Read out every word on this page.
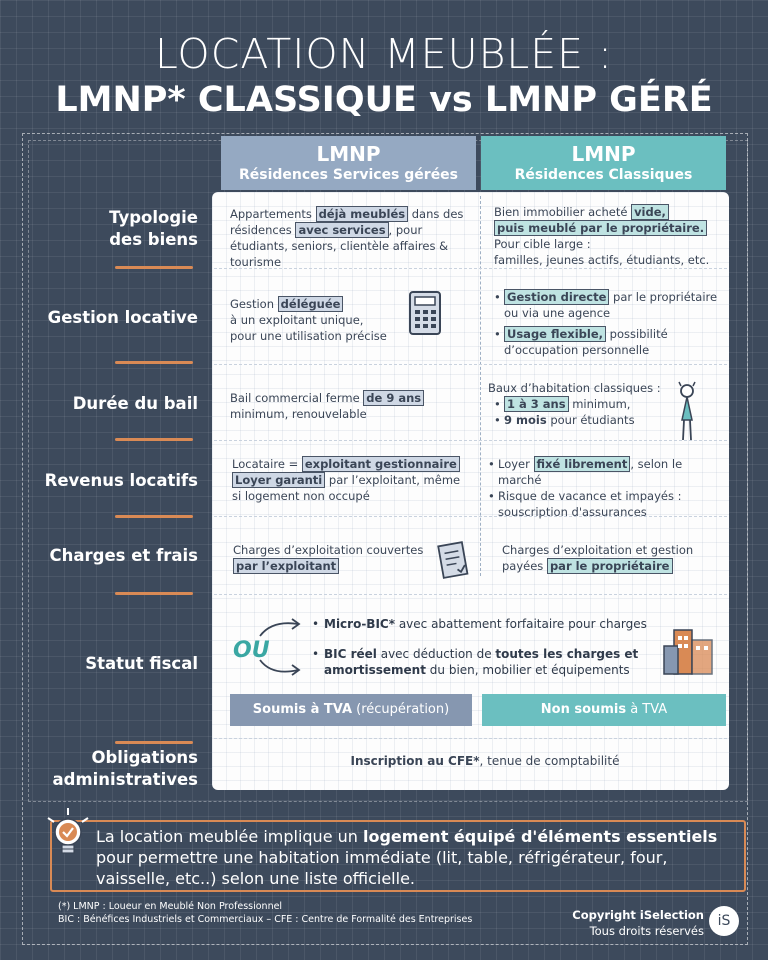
LOCATION MEUBLÉE :
LMNP* CLASSIQUE vs LMNP GÉRÉ
LMNP
Résidences Services gérées
LMNP
Résidences Classiques
Typologie
des biens
Gestion locative
Durée du bail
Revenus locatifs
Charges et frais
Statut fiscal
Obligations
administratives
Appartements déjà meublés dans des résidences avec services , pour étudiants, seniors, clientèle affaires & tourisme
Bien immobilier acheté vide,
puis meublé par le propriétaire.
Pour cible large :
familles, jeunes actifs, étudiants, etc.
Gestion déléguée
à un exploitant unique,
pour une utilisation précise
• Gestion directe par le propriétaire ou via une agence
• Usage flexible, possibilité d’occupation personnelle
Bail commercial ferme de 9 ans
minimum, renouvelable
Baux d’habitation classiques :
• 1 à 3 ans minimum,
• 9 mois pour étudiants
Locataire = exploitant gestionnaire
Loyer garanti par l’exploitant, même si logement non occupé
• Loyer fixé librement , selon le marché
• Risque de vacance et impayés : souscription d'assurances
Charges d’exploitation couvertes
par l’exploitant
Charges d’exploitation et gestion
payées par le propriétaire
OU
• Micro-BIC* avec abattement forfaitaire pour charges
• BIC réel avec déduction de toutes les charges et amortissement du bien, mobilier et équipements
Soumis à TVA (récupération)	Non soumis à TVA
Inscription au CFE*, tenue de comptabilité
La location meublée implique un logement équipé d'éléments essentiels pour permettre une habitation immédiate (lit, table, réfrigérateur, four, vaisselle, etc..) selon une liste officielle.
(*) LMNP : Loueur en Meublé Non Professionnel
BIC : Bénéfices Industriels et Commerciaux – CFE : Centre de Formalité des Entreprises	Copyright iSelection
Tous droits réservés
iS
